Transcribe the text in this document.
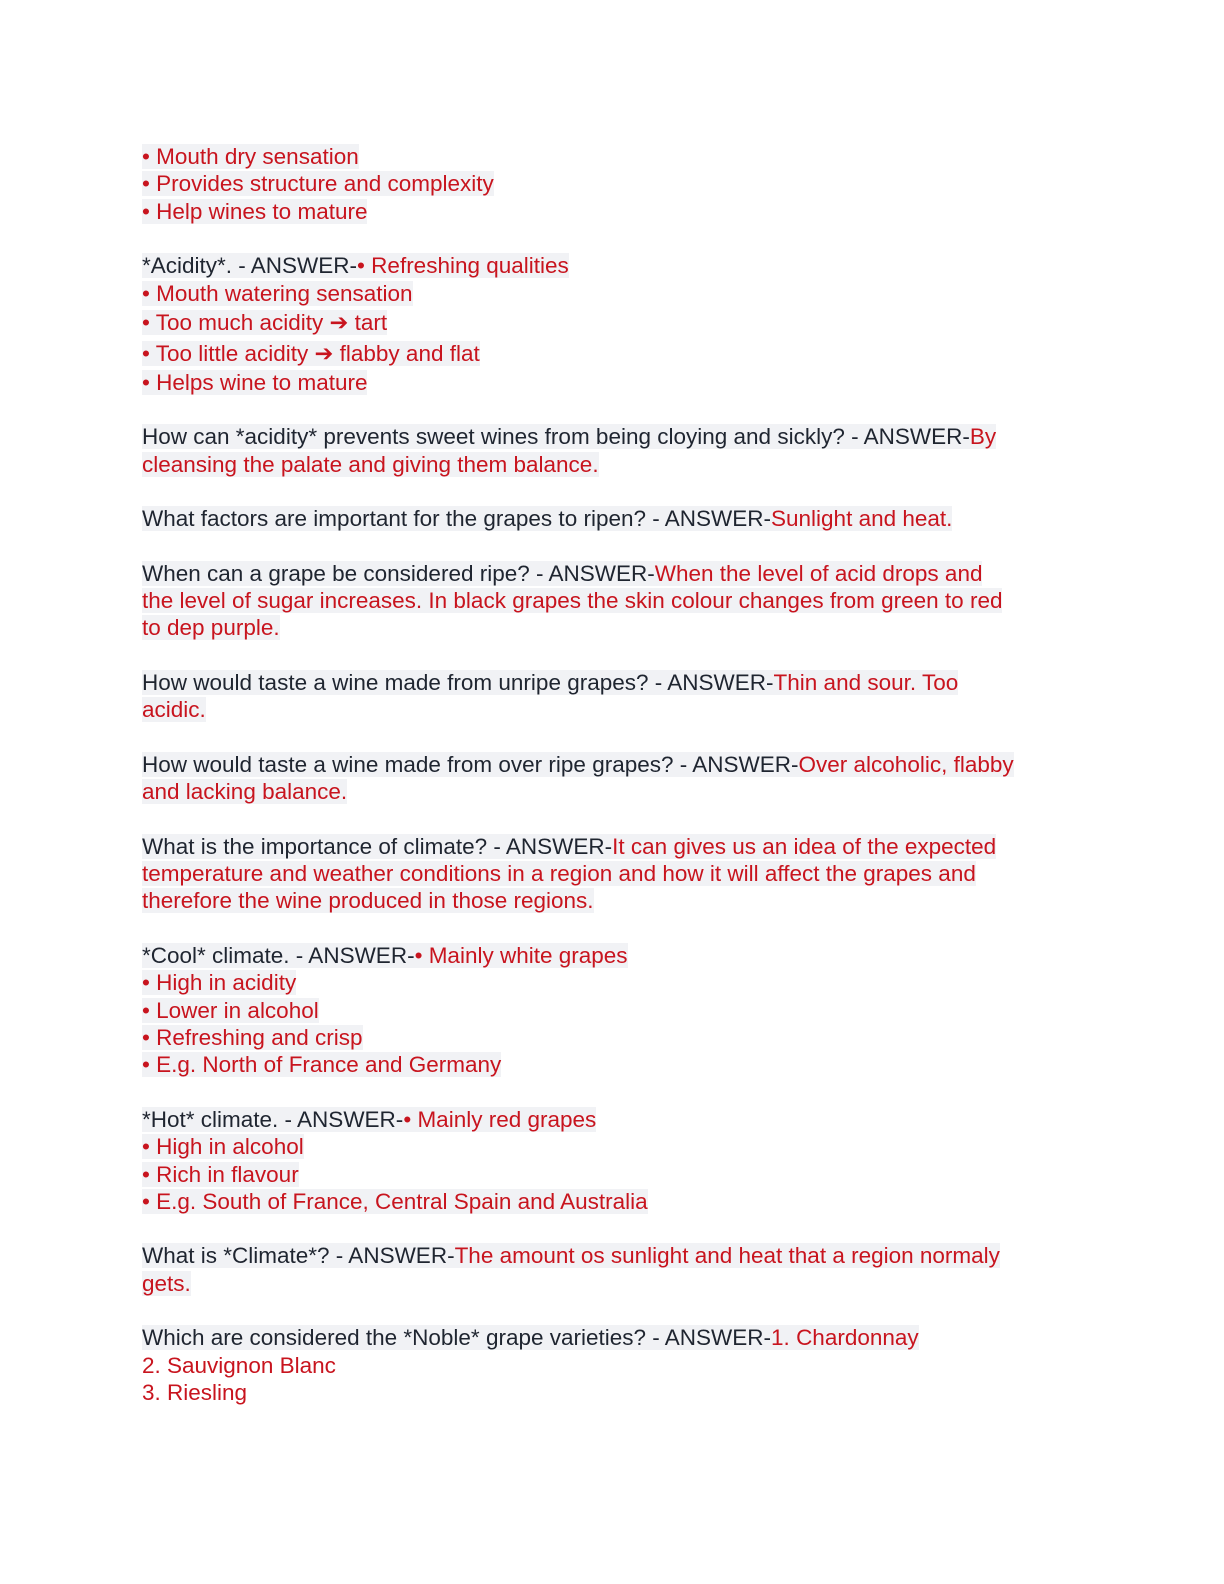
• Mouth dry sensation
• Provides structure and complexity
• Help wines to mature
*Acidity*. - ANSWER-• Refreshing qualities
• Mouth watering sensation
• Too much acidity ➔ tart
• Too little acidity ➔ flabby and flat
• Helps wine to mature
How can *acidity* prevents sweet wines from being cloying and sickly? - ANSWER-By
cleansing the palate and giving them balance.
What factors are important for the grapes to ripen? - ANSWER-Sunlight and heat.
When can a grape be considered ripe? - ANSWER-When the level of acid drops and
the level of sugar increases. In black grapes the skin colour changes from green to red
to dep purple.
How would taste a wine made from unripe grapes? - ANSWER-Thin and sour. Too
acidic.
How would taste a wine made from over ripe grapes? - ANSWER-Over alcoholic, flabby
and lacking balance.
What is the importance of climate? - ANSWER-It can gives us an idea of the expected
temperature and weather conditions in a region and how it will affect the grapes and
therefore the wine produced in those regions.
*Cool* climate. - ANSWER-• Mainly white grapes
• High in acidity
• Lower in alcohol
• Refreshing and crisp
• E.g. North of France and Germany
*Hot* climate. - ANSWER-• Mainly red grapes
• High in alcohol
• Rich in flavour
• E.g. South of France, Central Spain and Australia
What is *Climate*? - ANSWER-The amount os sunlight and heat that a region normaly
gets.
Which are considered the *Noble* grape varieties? - ANSWER-1. Chardonnay
2. Sauvignon Blanc
3. Riesling
